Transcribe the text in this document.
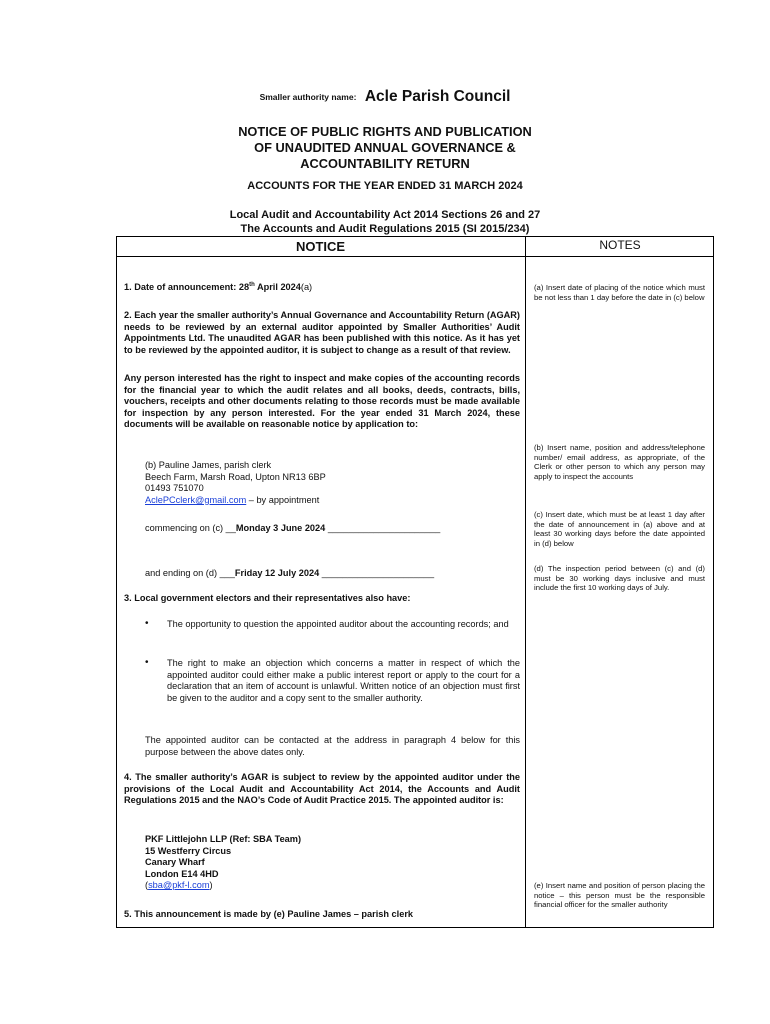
Smaller authority name: Acle Parish Council
NOTICE OF PUBLIC RIGHTS AND PUBLICATION
OF UNAUDITED ANNUAL GOVERNANCE &
ACCOUNTABILITY RETURN
ACCOUNTS FOR THE YEAR ENDED 31 MARCH 2024
Local Audit and Accountability Act 2014 Sections 26 and 27
The Accounts and Audit Regulations 2015 (SI 2015/234)
NOTICE	NOTES
1. Date of announcement: 28th April 2024(a)
2. Each year the smaller authority’s Annual Governance and Accountability Return (AGAR) needs to be reviewed by an external auditor appointed by Smaller Authorities’ Audit Appointments Ltd. The unaudited AGAR has been published with this notice. As it has yet to be reviewed by the appointed auditor, it is subject to change as a result of that review.
Any person interested has the right to inspect and make copies of the accounting records for the financial year to which the audit relates and all books, deeds, contracts, bills, vouchers, receipts and other documents relating to those records must be made available for inspection by any person interested. For the year ended 31 March 2024, these documents will be available on reasonable notice by application to:
(b) Pauline James, parish clerk
Beech Farm, Marsh Road, Upton NR13 6BP
01493 751070
AclePCclerk@gmail.com – by appointment
commencing on (c) __Monday 3 June 2024 ______________________
and ending on (d) ___Friday 12 July 2024 ______________________
3. Local government electors and their representatives also have:
• The opportunity to question the appointed auditor about the accounting records; and
• The right to make an objection which concerns a matter in respect of which the appointed auditor could either make a public interest report or apply to the court for a declaration that an item of account is unlawful. Written notice of an objection must first be given to the auditor and a copy sent to the smaller authority.
The appointed auditor can be contacted at the address in paragraph 4 below for this purpose between the above dates only.
4. The smaller authority’s AGAR is subject to review by the appointed auditor under the provisions of the Local Audit and Accountability Act 2014, the Accounts and Audit Regulations 2015 and the NAO’s Code of Audit Practice 2015. The appointed auditor is:
PKF Littlejohn LLP (Ref: SBA Team)
15 Westferry Circus
Canary Wharf
London E14 4HD
(sba@pkf-l.com)
5. This announcement is made by (e) Pauline James – parish clerk
(a) Insert date of placing of the notice which must be not less than 1 day before the date in (c) below
(b) Insert name, position and address/telephone number/ email address, as appropriate, of the Clerk or other person to which any person may apply to inspect the accounts
(c) Insert date, which must be at least 1 day after the date of announcement in (a) above and at least 30 working days before the date appointed in (d) below
(d) The inspection period between (c) and (d) must be 30 working days inclusive and must include the first 10 working days of July.
(e) Insert name and position of person placing the notice – this person must be the responsible financial officer for the smaller authority
